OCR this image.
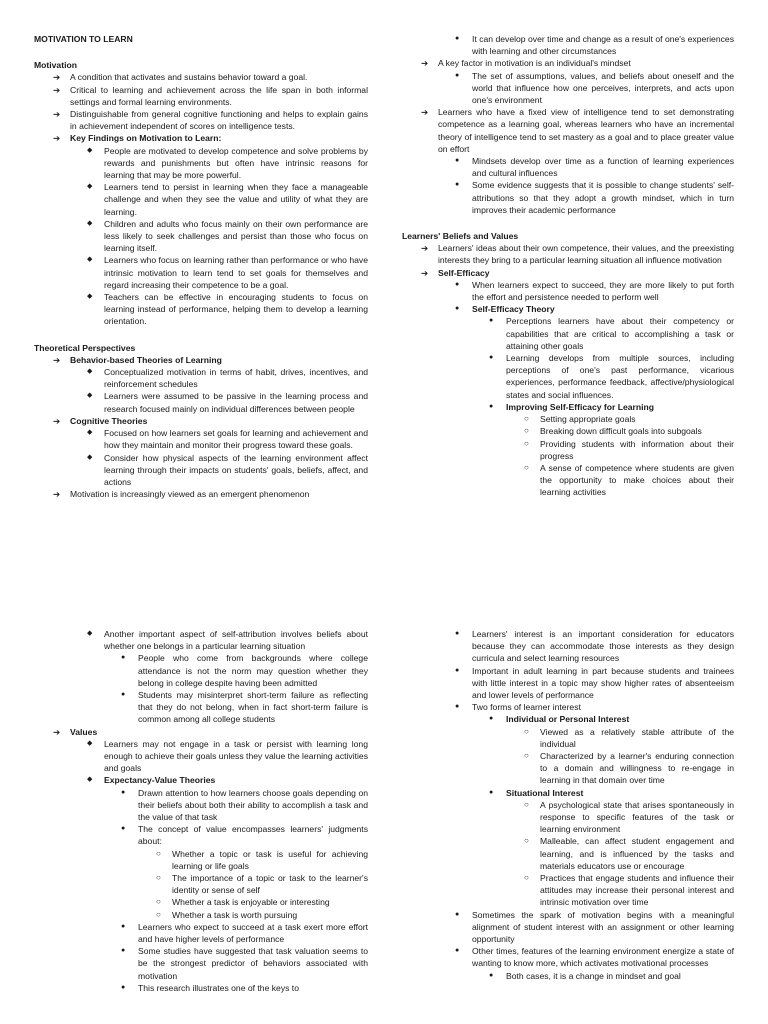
MOTIVATION TO LEARN
Motivation
➔ A condition that activates and sustains behavior toward a goal.
➔ Critical to learning and achievement across the life span in both informal settings and formal learning environments.
➔ Distinguishable from general cognitive functioning and helps to explain gains in achievement independent of scores on intelligence tests.
➔ Key Findings on Motivation to Learn:
◆ People are motivated to develop competence and solve problems by rewards and punishments but often have intrinsic reasons for learning that may be more powerful.
◆ Learners tend to persist in learning when they face a manageable challenge and when they see the value and utility of what they are learning.
◆ Children and adults who focus mainly on their own performance are less likely to seek challenges and persist than those who focus on learning itself.
◆ Learners who focus on learning rather than performance or who have intrinsic motivation to learn tend to set goals for themselves and regard increasing their competence to be a goal.
◆ Teachers can be effective in encouraging students to focus on learning instead of performance, helping them to develop a learning orientation.
Theoretical Perspectives
➔ Behavior-based Theories of Learning
◆ Conceptualized motivation in terms of habit, drives, incentives, and reinforcement schedules
◆ Learners were assumed to be passive in the learning process and research focused mainly on individual differences between people
➔ Cognitive Theories
◆ Focused on how learners set goals for learning and achievement and how they maintain and monitor their progress toward these goals.
◆ Consider how physical aspects of the learning environment affect learning through their impacts on students' goals, beliefs, affect, and actions
➔ Motivation is increasingly viewed as an emergent phenomenon
● It can develop over time and change as a result of one's experiences with learning and other circumstances
➔ A key factor in motivation is an individual's mindset
● The set of assumptions, values, and beliefs about oneself and the world that influence how one perceives, interprets, and acts upon one's environment
➔ Learners who have a fixed view of intelligence tend to set demonstrating competence as a learning goal, whereas learners who have an incremental theory of intelligence tend to set mastery as a goal and to place greater value on effort
● Mindsets develop over time as a function of learning experiences and cultural influences
● Some evidence suggests that it is possible to change students' self-attributions so that they adopt a growth mindset, which in turn improves their academic performance
Learners' Beliefs and Values
➔ Learners' ideas about their own competence, their values, and the preexisting interests they bring to a particular learning situation all influence motivation
➔ Self-Efficacy
● When learners expect to succeed, they are more likely to put forth the effort and persistence needed to perform well
● Self-Efficacy Theory
● Perceptions learners have about their competency or capabilities that are critical to accomplishing a task or attaining other goals
● Learning develops from multiple sources, including perceptions of one's past performance, vicarious experiences, performance feedback, affective/physiological states and social influences.
● Improving Self-Efficacy for Learning
○ Setting appropriate goals
○ Breaking down difficult goals into subgoals
○ Providing students with information about their progress
○ A sense of competence where students are given the opportunity to make choices about their learning activities
◆ Another important aspect of self-attribution involves beliefs about whether one belongs in a particular learning situation
● People who come from backgrounds where college attendance is not the norm may question whether they belong in college despite having been admitted
● Students may misinterpret short-term failure as reflecting that they do not belong, when in fact short-term failure is common among all college students
➔ Values
◆ Learners may not engage in a task or persist with learning long enough to achieve their goals unless they value the learning activities and goals
◆ Expectancy-Value Theories
● Drawn attention to how learners choose goals depending on their beliefs about both their ability to accomplish a task and the value of that task
● The concept of value encompasses learners' judgments about:
○ Whether a topic or task is useful for achieving learning or life goals
○ The importance of a topic or task to the learner's identity or sense of self
○ Whether a task is enjoyable or interesting
○ Whether a task is worth pursuing
● Learners who expect to succeed at a task exert more effort and have higher levels of performance
● Some studies have suggested that task valuation seems to be the strongest predictor of behaviors associated with motivation
● This research illustrates one of the keys to
● Learners' interest is an important consideration for educators because they can accommodate those interests as they design curricula and select learning resources
● Important in adult learning in part because students and trainees with little interest in a topic may show higher rates of absenteeism and lower levels of performance
● Two forms of learner interest
● Individual or Personal Interest
○ Viewed as a relatively stable attribute of the individual
○ Characterized by a learner's enduring connection to a domain and willingness to re-engage in learning in that domain over time
● Situational Interest
○ A psychological state that arises spontaneously in response to specific features of the task or learning environment
○ Malleable, can affect student engagement and learning, and is influenced by the tasks and materials educators use or encourage
○ Practices that engage students and influence their attitudes may increase their personal interest and intrinsic motivation over time
● Sometimes the spark of motivation begins with a meaningful alignment of student interest with an assignment or other learning opportunity
● Other times, features of the learning environment energize a state of wanting to know more, which activates motivational processes
● Both cases, it is a change in mindset and goal
